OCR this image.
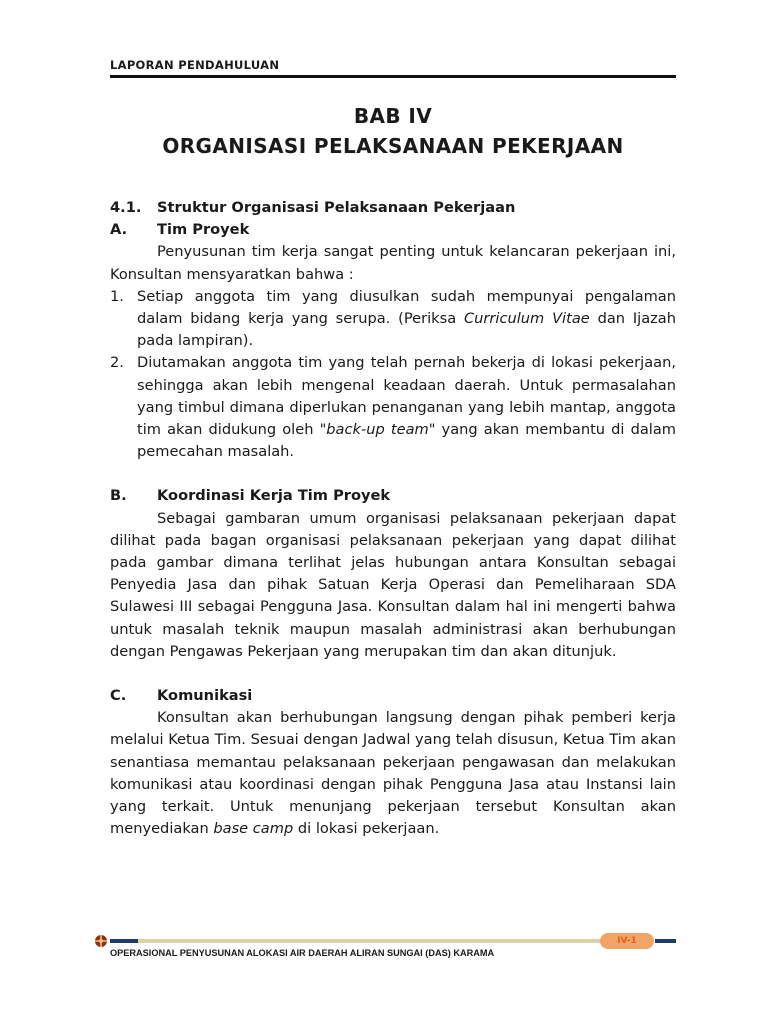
LAPORAN PENDAHULUAN
BAB IV
ORGANISASI PELAKSANAAN PEKERJAAN
4.1.	Struktur Organisasi Pelaksanaan Pekerjaan
A.	Tim Proyek

Penyusunan tim kerja sangat penting untuk kelancaran pekerjaan ini, Konsultan mensyaratkan bahwa :

1. Setiap anggota tim yang diusulkan sudah mempunyai pengalaman dalam bidang kerja yang serupa. (Periksa Curriculum Vitae dan Ijazah pada lampiran).
2. Diutamakan anggota tim yang telah pernah bekerja di lokasi pekerjaan, sehingga akan lebih mengenal keadaan daerah. Untuk permasalahan yang timbul dimana diperlukan penanganan yang lebih mantap, anggota tim akan didukung oleh "back-up team" yang akan membantu di dalam pemecahan masalah.
B.	Koordinasi Kerja Tim Proyek

Sebagai gambaran umum organisasi pelaksanaan pekerjaan dapat dilihat pada bagan organisasi pelaksanaan pekerjaan yang dapat dilihat pada gambar dimana terlihat jelas hubungan antara Konsultan sebagai Penyedia Jasa dan pihak Satuan Kerja Operasi dan Pemeliharaan SDA Sulawesi III sebagai Pengguna Jasa. Konsultan dalam hal ini mengerti bahwa untuk masalah teknik maupun masalah administrasi akan berhubungan dengan Pengawas Pekerjaan yang merupakan tim dan akan ditunjuk.

C.	Komunikasi

Konsultan akan berhubungan langsung dengan pihak pemberi kerja melalui Ketua Tim. Sesuai dengan Jadwal yang telah disusun, Ketua Tim akan senantiasa memantau pelaksanaan pekerjaan pengawasan dan melakukan komunikasi atau koordinasi dengan pihak Pengguna Jasa atau Instansi lain yang terkait. Untuk menunjang pekerjaan tersebut Konsultan akan menyediakan base camp di lokasi pekerjaan.

IV-1
OPERASIONAL PENYUSUNAN ALOKASI AIR DAERAH ALIRAN SUNGAI (DAS) KARAMA
